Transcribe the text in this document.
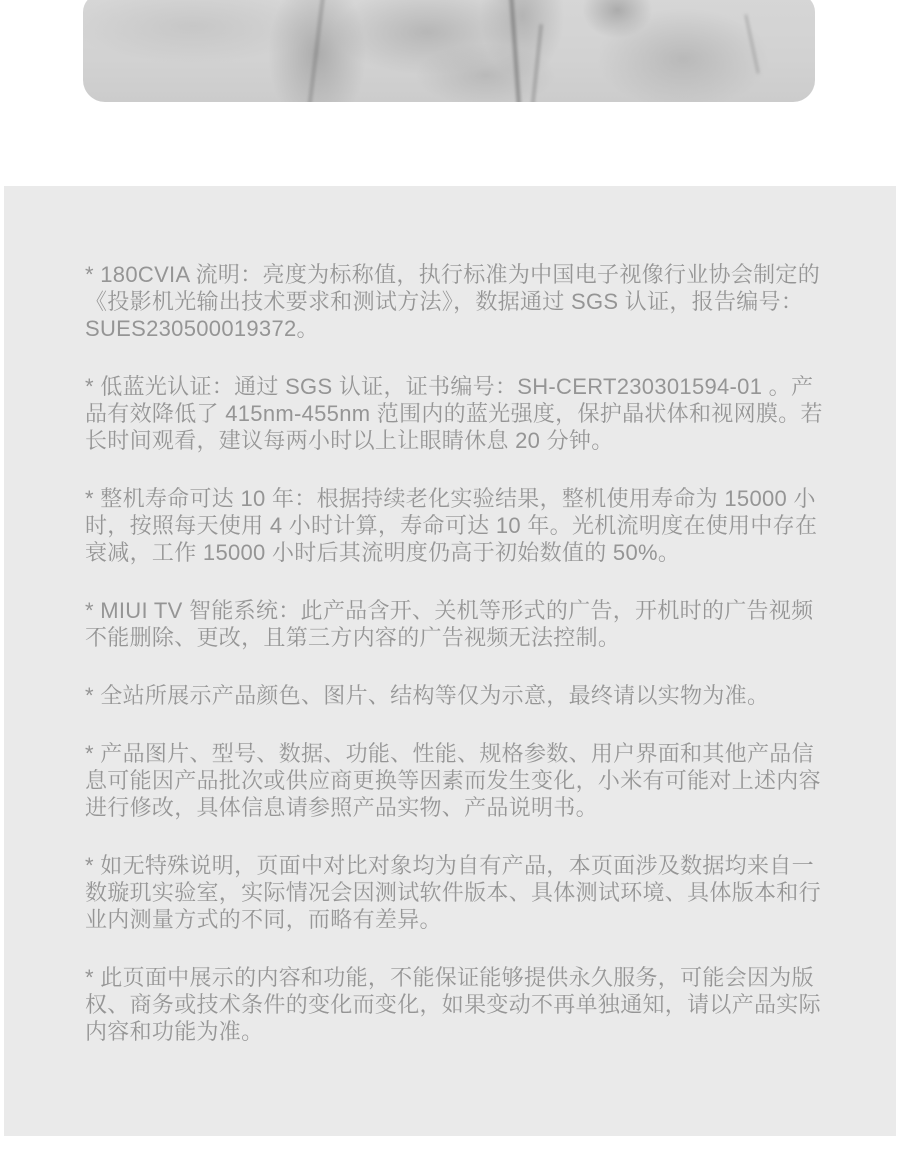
* 180CVIA 流明：亮度为标称值，执行标准为中国电子视像行业协会制定的《投影机光输出技术要求和测试方法》，数据通过 SGS 认证，报告编号：SUES230500019372。

* 低蓝光认证：通过 SGS 认证，证书编号：SH-CERT230301594-01 。产品有效降低了 415nm-455nm 范围内的蓝光强度，保护晶状体和视网膜。若长时间观看，建议每两小时以上让眼睛休息 20 分钟。

* 整机寿命可达 10 年：根据持续老化实验结果，整机使用寿命为 15000 小时，按照每天使用 4 小时计算，寿命可达 10 年。光机流明度在使用中存在衰减，工作 15000 小时后其流明度仍高于初始数值的 50%。

* MIUI TV 智能系统：此产品含开、关机等形式的广告，开机时的广告视频不能删除、更改，且第三方内容的广告视频无法控制。

* 全站所展示产品颜色、图片、结构等仅为示意，最终请以实物为准。

* 产品图片、型号、数据、功能、性能、规格参数、用户界面和其他产品信息可能因产品批次或供应商更换等因素而发生变化，小米有可能对上述内容进行修改，具体信息请参照产品实物、产品说明书。

* 如无特殊说明，页面中对比对象均为自有产品，本页面涉及数据均来自一数璇玑实验室，实际情况会因测试软件版本、具体测试环境、具体版本和行业内测量方式的不同，而略有差异。

* 此页面中展示的内容和功能，不能保证能够提供永久服务，可能会因为版权、商务或技术条件的变化而变化，如果变动不再单独通知，请以产品实际内容和功能为准。
